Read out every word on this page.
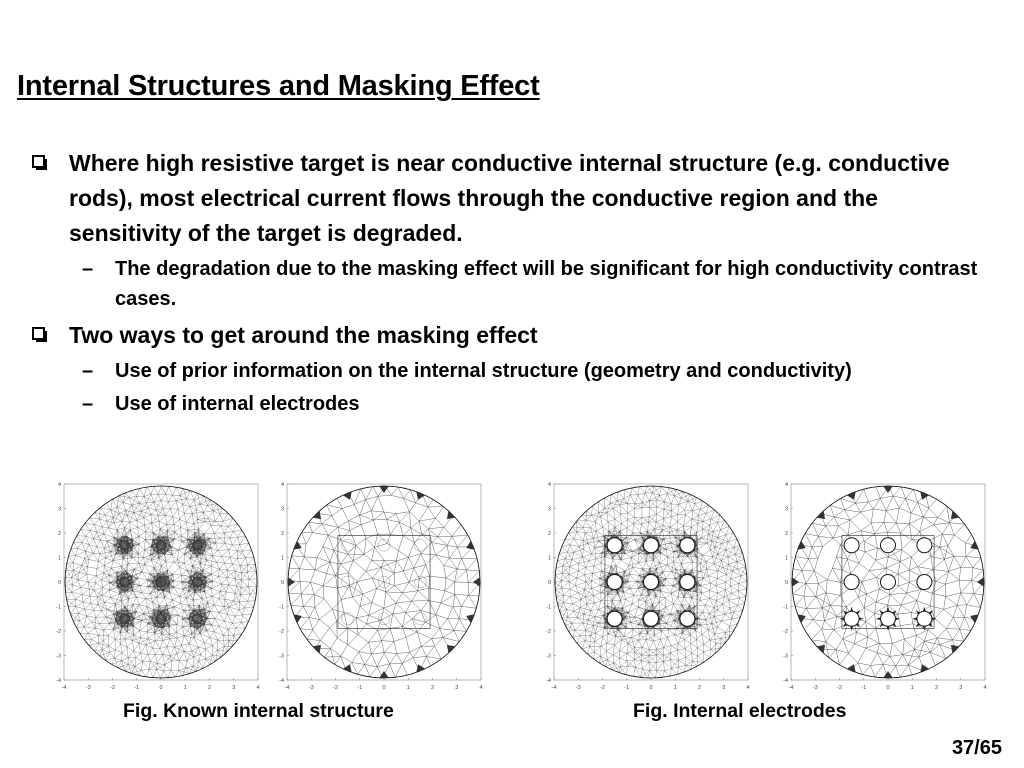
Internal Structures and Masking Effect
Where high resistive target is near conductive internal structure (e.g. conductive rods), most electrical current flows through the conductive region and the sensitivity of the target is degraded.
– The degradation due to the masking effect will be significant for high conductivity contrast cases.
Two ways to get around the masking effect
– Use of prior information on the internal structure (geometry and conductivity)
– Use of internal electrodes
-4
4
-3
3
-2
2
-1
1
0
0
1
-1
2
-2
3
-3
4
-4
-4
4
-3
3
-2
2
-1
1
0
0
1
-1
2
-2
3
-3
4
-4
-4
4
-3
3
-2
2
-1
1
0
0
1
-1
2
-2
3
-3
4
-4
-4
4
-3
3
-2
2
-1
1
0
0
1
-1
2
-2
3
-3
4
-4
Fig. Known internal structure	Fig. Internal electrodes
37/65
